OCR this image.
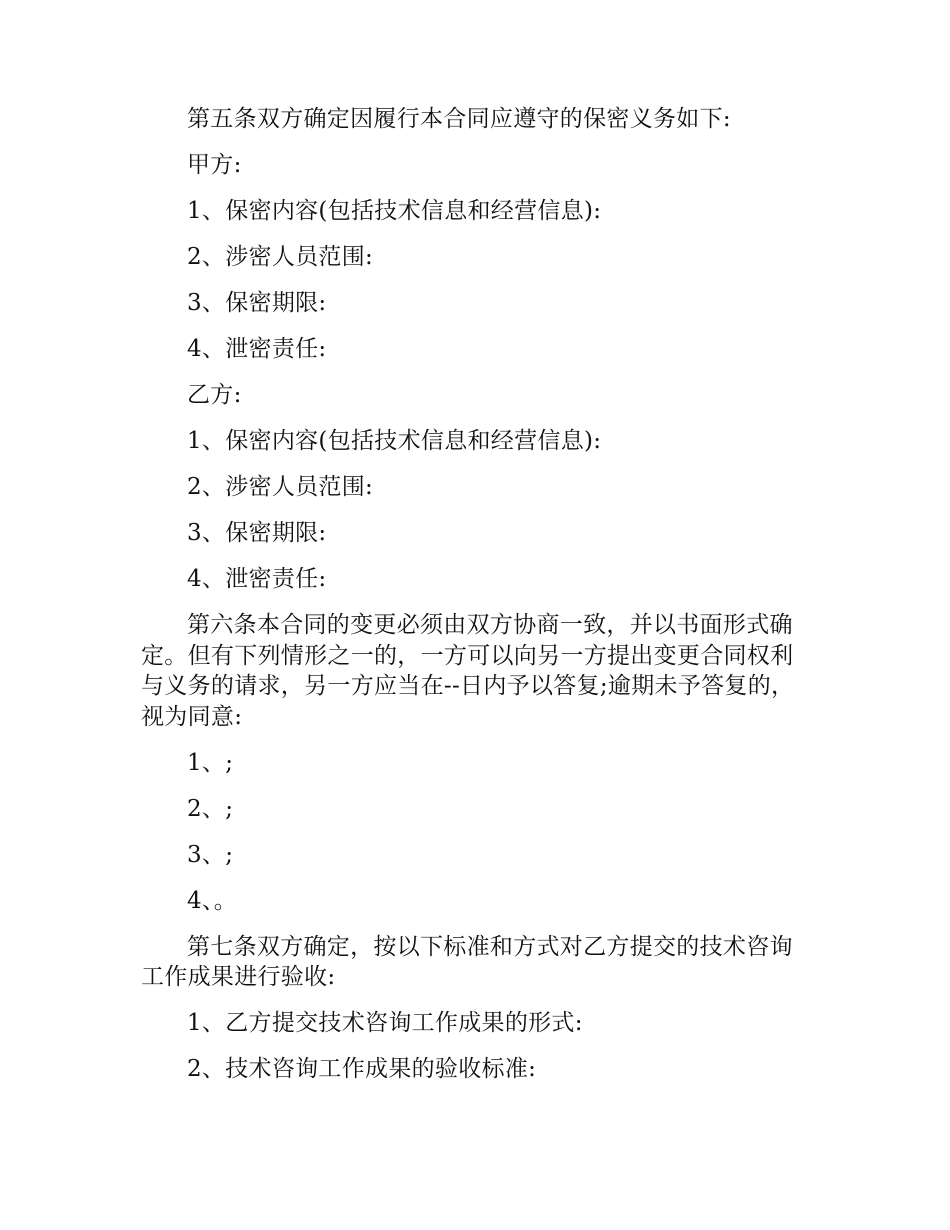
第五条双方确定因履行本合同应遵守的保密义务如下:

甲方:

1、保密内容(包括技术信息和经营信息):

2、涉密人员范围:

3、保密期限:

4、泄密责任:

乙方:

1、保密内容(包括技术信息和经营信息):

2、涉密人员范围:

3、保密期限:

4、泄密责任:

第六条本合同的变更必须由双方协商一致，并以书面形式确定。但有下列情形之一的，一方可以向另一方提出变更合同权利与义务的请求，另一方应当在--日内予以答复;逾期未予答复的，视为同意:

1、;

2、;

3、;

4、。

第七条双方确定，按以下标准和方式对乙方提交的技术咨询工作成果进行验收:

1、乙方提交技术咨询工作成果的形式:

2、技术咨询工作成果的验收标准:
